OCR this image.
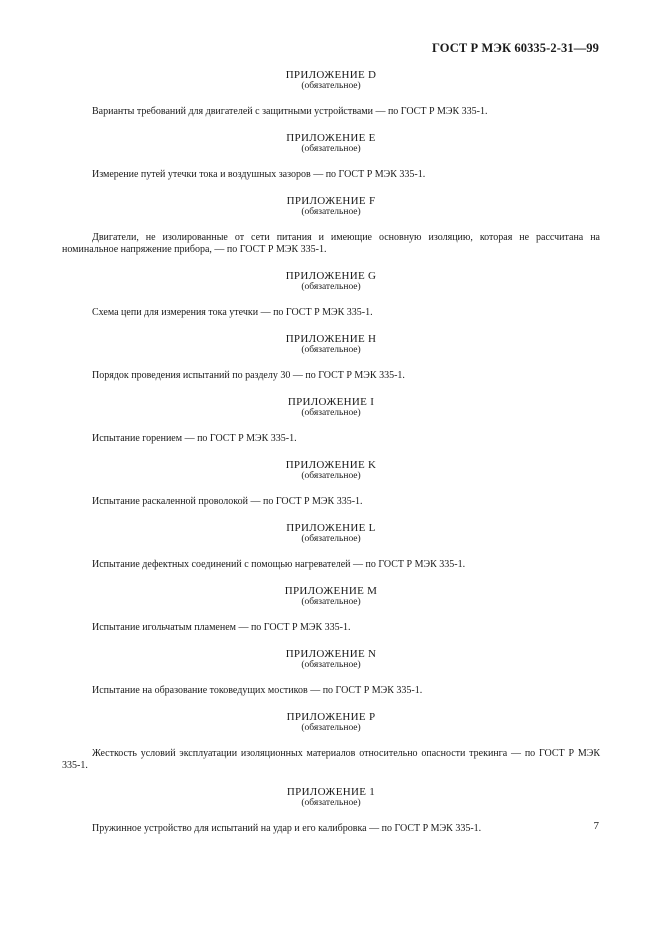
ГОСТ Р МЭК 60335-2-31—99
ПРИЛОЖЕНИЕ D
(обязательное)

Варианты требований для двигателей с защитными устройствами — по ГОСТ Р МЭК 335-1.

ПРИЛОЖЕНИЕ E
(обязательное)

Измерение путей утечки тока и воздушных зазоров — по ГОСТ Р МЭК 335-1.

ПРИЛОЖЕНИЕ F
(обязательное)

Двигатели, не изолированные от сети питания и имеющие основную изоляцию, которая не рассчитана на номинальное напряжение прибора, — по ГОСТ Р МЭК 335-1.

ПРИЛОЖЕНИЕ G
(обязательное)

Схема цепи для измерения тока утечки — по ГОСТ Р МЭК 335-1.

ПРИЛОЖЕНИЕ H
(обязательное)

Порядок проведения испытаний по разделу 30 — по ГОСТ Р МЭК 335-1.

ПРИЛОЖЕНИЕ I
(обязательное)

Испытание горением — по ГОСТ Р МЭК 335-1.

ПРИЛОЖЕНИЕ K
(обязательное)

Испытание раскаленной проволокой — по ГОСТ Р МЭК 335-1.

ПРИЛОЖЕНИЕ L
(обязательное)

Испытание дефектных соединений с помощью нагревателей — по ГОСТ Р МЭК 335-1.

ПРИЛОЖЕНИЕ M
(обязательное)

Испытание игольчатым пламенем — по ГОСТ Р МЭК 335-1.

ПРИЛОЖЕНИЕ N
(обязательное)

Испытание на образование токоведущих мостиков — по ГОСТ Р МЭК 335-1.

ПРИЛОЖЕНИЕ P
(обязательное)

Жесткость условий эксплуатации изоляционных материалов относительно опасности трекинга — по ГОСТ Р МЭК 335-1.

ПРИЛОЖЕНИЕ 1
(обязательное)

Пружинное устройство для испытаний на удар и его калибровка — по ГОСТ Р МЭК 335-1.	7
